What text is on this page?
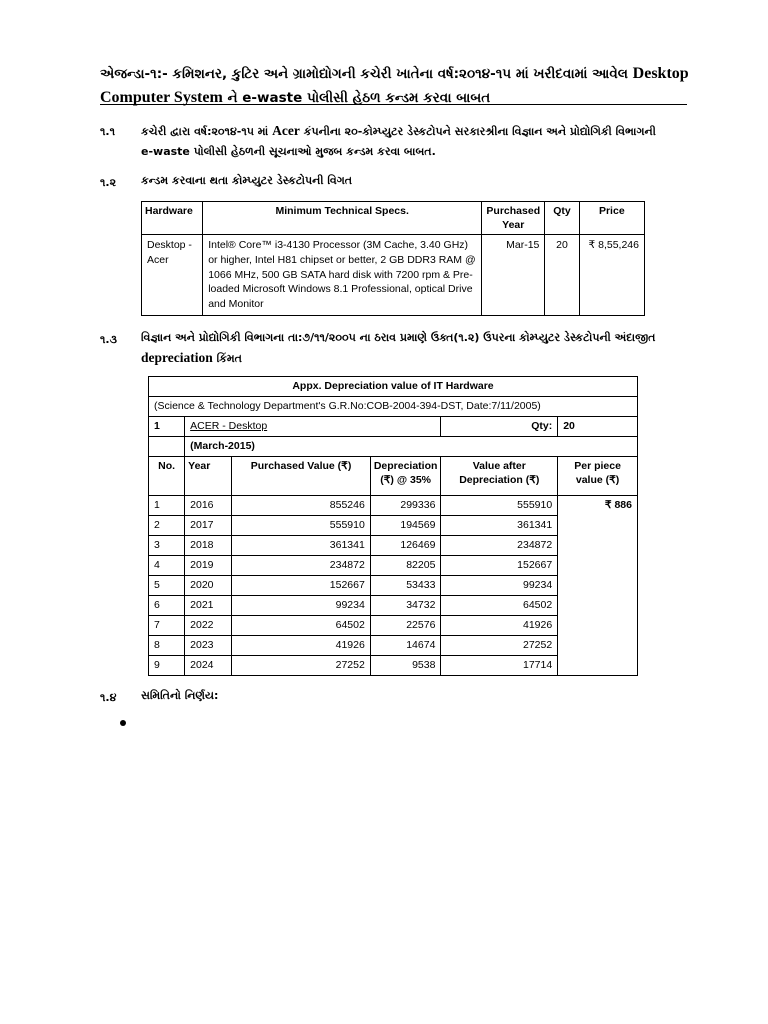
એજન્ડા-૧:- કમિશનર, કુટિર અને ગ્રામોદ્યોગની કચેરી ખાતેના વર્ષ:૨૦૧૪-૧૫ માં ખરીદવામાં આવેલ Desktop
Computer System ને e-waste પોલીસી હેઠળ કન્ડમ કરવા બાબત
૧.૧ કચેરી દ્વારા વર્ષ:૨૦૧૪-૧૫ માં Acer કંપનીના ૨૦-કોમ્પ્યુટર ડેસ્કટોપને સરકારશ્રીના વિજ્ઞાન અને પ્રોદ્યોગિકી વિભાગની
e-waste પોલીસી હેઠળની સૂચનાઓ મુજબ કન્ડમ કરવા બાબત.
૧.૨ કન્ડમ કરવાના થતા કોમ્પ્યુટર ડેસ્કટોપની વિગત
Hardware	Minimum Technical Specs.	Purchased Year	Qty	Price
Desktop - Acer	Intel® Core™ i3-4130 Processor (3M Cache, 3.40 GHz) or higher, Intel H81 chipset or better, 2 GB DDR3 RAM @ 1066 MHz, 500 GB SATA hard disk with 7200 rpm & Pre-loaded Microsoft Windows 8.1 Professional, optical Drive and Monitor	Mar-15	20	₹ 8,55,246
૧.૩ વિજ્ઞાન અને પ્રોદ્યોગિકી વિભાગના તા:૭/૧૧/૨૦૦૫ ના ઠરાવ પ્રમાણે ઉક્ત(૧.૨) ઉપરના કોમ્પ્યુટર ડેસ્કટોપની અંદાજીત
depreciation કિંમત
Appx. Depreciation value of IT Hardware					
(Science & Technology Department's G.R.No:COB-2004-394-DST, Date:7/11/2005)					
1	ACER - Desktop			Qty:	20
	(March-2015)				
No.	Year	Purchased Value (₹)	Depreciation (₹) @ 35%	Value after Depreciation (₹)	Per piece value (₹)
1	2016	855246	299336	555910	₹ 886
2	2017	555910	194569	361341	
3	2018	361341	126469	234872	
4	2019	234872	82205	152667	
5	2020	152667	53433	99234	
6	2021	99234	34732	64502	
7	2022	64502	22576	41926	
8	2023	41926	14674	27252	
9	2024	27252	9538	17714	
૧.૪ સમિતિનો નિર્ણય:
